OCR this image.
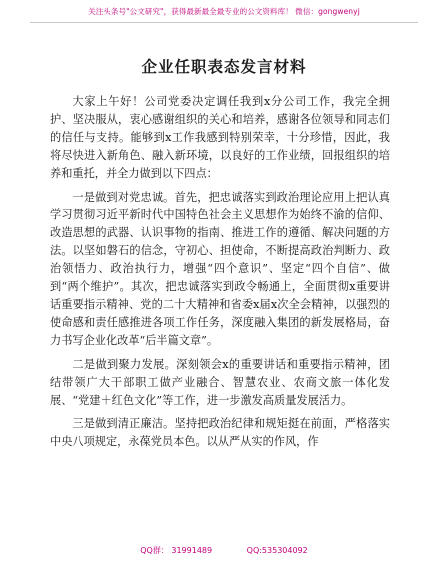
关注头条号"公文研究"，获得最新最全最专业的公文资料库！ 微信：gongwenyj
企业任职表态发言材料

大家上午好！公司党委决定调任我到x分公司工作，我完全拥护、坚决服从，衷心感谢组织的关心和培养，感谢各位领导和同志们的信任与支持。能够到x工作我感到特别荣幸，十分珍惜，因此，我将尽快进入新角色、融入新环境，以良好的工作业绩，回报组织的培养和重托，并全力做到以下四点：

一是做到对党忠诚。首先，把忠诚落实到政治理论应用上把认真学习贯彻习近平新时代中国特色社会主义思想作为始终不渝的信仰、改造思想的武器、认识事物的指南、推进工作的遵循、解决问题的方法。以坚如磐石的信念，守初心、担使命，不断提高政治判断力、政治领悟力、政治执行力，增强“四个意识”、坚定“四个自信”、做到“两个维护”。其次，把忠诚落实到政令畅通上，全面贯彻x重要讲话重要指示精神、党的二十大精神和省委x届x次全会精神，以强烈的使命感和责任感推进各项工作任务，深度融入集团的新发展格局，奋力书写企业化改革“后半篇文章”。

二是做到聚力发展。深刻领会x的重要讲话和重要指示精神，团结带领广大干部职工做产业融合、智慧农业、农商文旅一体化发展、“党建＋红色文化”等工作，进一步激发高质量发展活力。

三是做到清正廉洁。坚持把政治纪律和规矩挺在前面，严格落实中央八项规定，永葆党员本色。以从严从实的作风，作

QQ群： 31991489	QQ:535304092
